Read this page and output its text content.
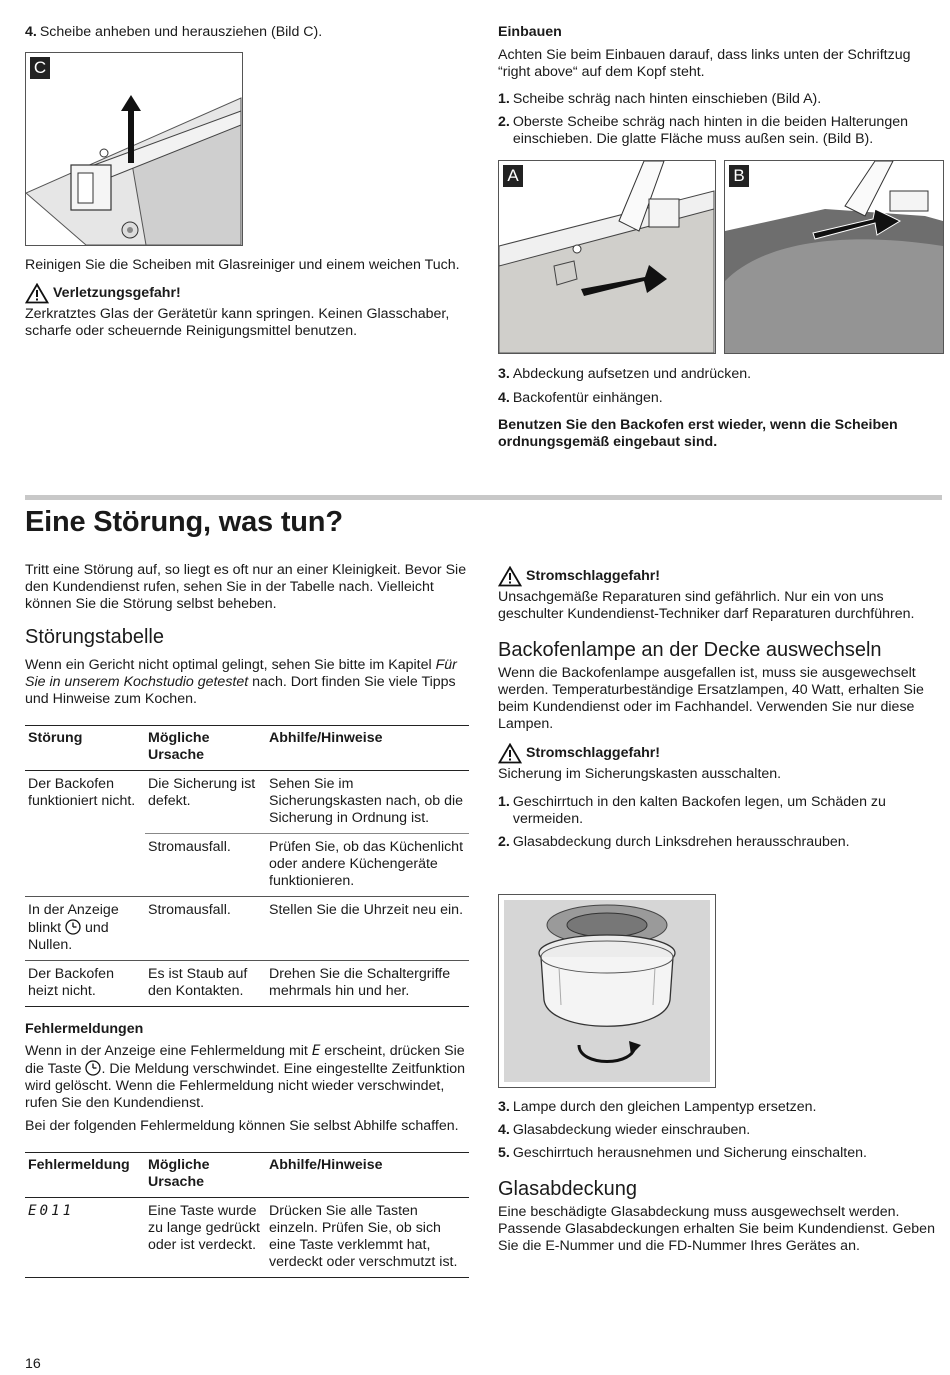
4. Scheibe anheben und herausziehen (Bild C).
C

Reinigen Sie die Scheiben mit Glasreiniger und einem weichen Tuch.

Verletzungsgefahr!

Zerkratztes Glas der Gerätetür kann springen. Keinen Glasschaber, scharfe oder scheuernde Reinigungsmittel benutzen.

Einbauen

Achten Sie beim Einbauen darauf, dass links unten der Schriftzug “right above“ auf dem Kopf steht.

1. Scheibe schräg nach hinten einschieben (Bild A).
2. Oberste Scheibe schräg nach hinten in die beiden Halterungen einschieben. Die glatte Fläche muss außen sein. (Bild B).
A	B
3. Abdeckung aufsetzen und andrücken.
4. Backofentür einhängen.

Benutzen Sie den Backofen erst wieder, wenn die Scheiben ordnungsgemäß eingebaut sind.

Eine Störung, was tun?

Tritt eine Störung auf, so liegt es oft nur an einer Kleinigkeit. Bevor Sie den Kundendienst rufen, sehen Sie in der Tabelle nach. Vielleicht können Sie die Störung selbst beheben.

Störungstabelle

Wenn ein Gericht nicht optimal gelingt, sehen Sie bitte im Kapitel Für Sie in unserem Kochstudio getestet nach. Dort finden Sie viele Tipps und Hinweise zum Kochen.

Störung	Mögliche Ursache	Abhilfe/Hinweise
Der Backofen funktioniert nicht.	Die Sicherung ist defekt.	Sehen Sie im Sicherungskasten nach, ob die Sicherung in Ordnung ist.
	Stromausfall.	Prüfen Sie, ob das Küchenlicht oder andere Küchengeräte funktionieren.
In der Anzeige blinkt  und Nullen.	Stromausfall.	Stellen Sie die Uhrzeit neu ein.
Der Backofen heizt nicht.	Es ist Staub auf den Kontakten.	Drehen Sie die Schaltergriffe mehrmals hin und her.
Fehlermeldungen

Wenn in der Anzeige eine Fehlermeldung mit E erscheint, drücken Sie die Taste . Die Meldung verschwindet. Eine eingestellte Zeitfunktion wird gelöscht. Wenn die Fehlermeldung nicht wieder verschwindet, rufen Sie den Kundendienst.

Bei der folgenden Fehlermeldung können Sie selbst Abhilfe schaffen.

Fehlermeldung	Mögliche Ursache	Abhilfe/Hinweise
E011	Eine Taste wurde zu lange gedrückt oder ist verdeckt.	Drücken Sie alle Tasten einzeln. Prüfen Sie, ob sich eine Taste verklemmt hat, verdeckt oder verschmutzt ist.
Stromschlaggefahr!

Unsachgemäße Reparaturen sind gefährlich. Nur ein von uns geschulter Kundendienst-Techniker darf Reparaturen durchführen.

Backofenlampe an der Decke auswechseln

Wenn die Backofenlampe ausgefallen ist, muss sie ausgewechselt werden. Temperaturbeständige Ersatzlampen, 40 Watt, erhalten Sie beim Kundendienst oder im Fachhandel. Verwenden Sie nur diese Lampen.

Stromschlaggefahr!

Sicherung im Sicherungskasten ausschalten.

1. Geschirrtuch in den kalten Backofen legen, um Schäden zu vermeiden.
2. Glasabdeckung durch Linksdrehen herausschrauben.
3. Lampe durch den gleichen Lampentyp ersetzen.
4. Glasabdeckung wieder einschrauben.
5. Geschirrtuch herausnehmen und Sicherung einschalten.
Glasabdeckung

Eine beschädigte Glasabdeckung muss ausgewechselt werden. Passende Glasabdeckungen erhalten Sie beim Kundendienst. Geben Sie die E-Nummer und die FD-Nummer Ihres Gerätes an.

16
